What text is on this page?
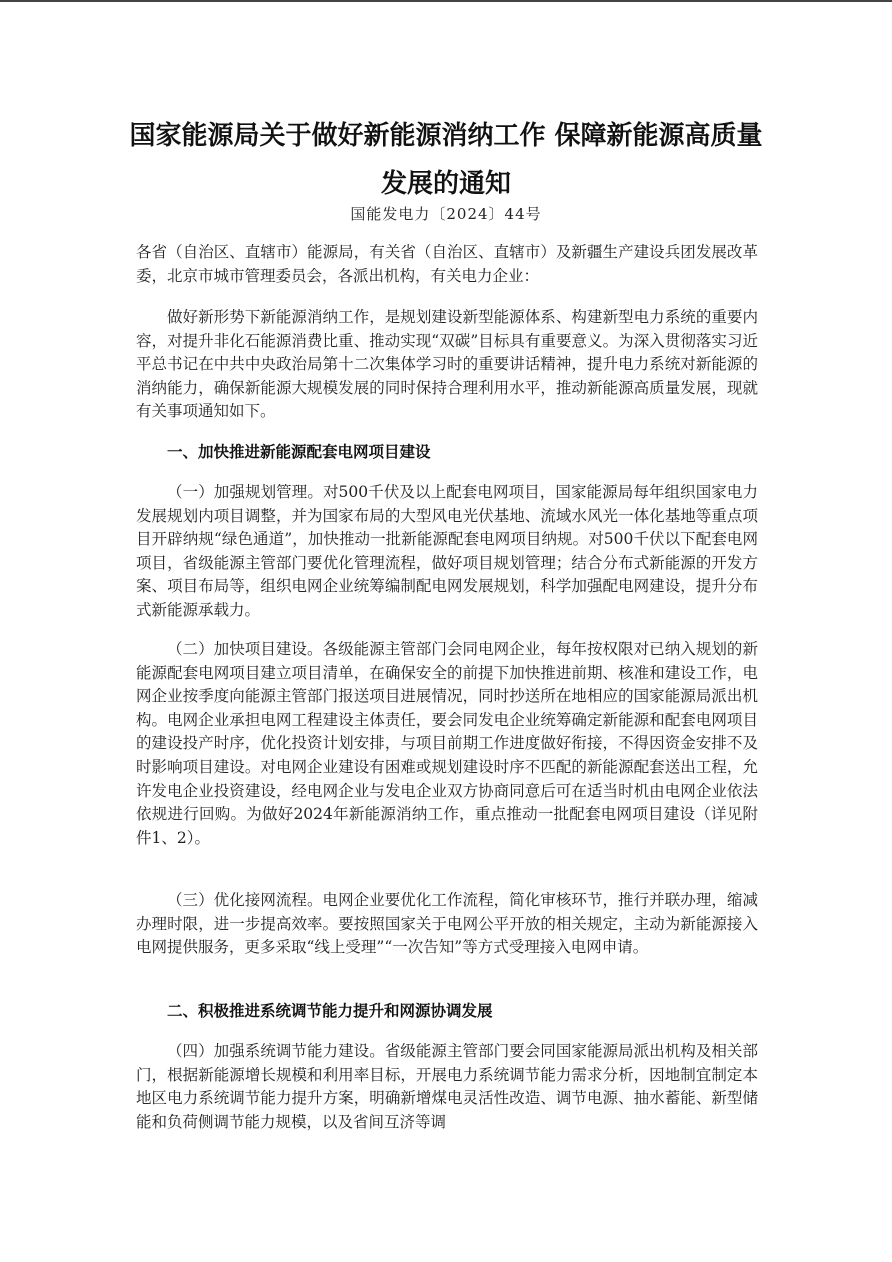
国家能源局关于做好新能源消纳工作 保障新能源高质量发展的通知
国能发电力〔2024〕44号

各省（自治区、直辖市）能源局，有关省（自治区、直辖市）及新疆生产建设兵团发展改革委，北京市城市管理委员会，各派出机构，有关电力企业：

做好新形势下新能源消纳工作，是规划建设新型能源体系、构建新型电力系统的重要内容，对提升非化石能源消费比重、推动实现“双碳”目标具有重要意义。为深入贯彻落实习近平总书记在中共中央政治局第十二次集体学习时的重要讲话精神，提升电力系统对新能源的消纳能力，确保新能源大规模发展的同时保持合理利用水平，推动新能源高质量发展，现就有关事项通知如下。

一、加快推进新能源配套电网项目建设

（一）加强规划管理。对500千伏及以上配套电网项目，国家能源局每年组织国家电力发展规划内项目调整，并为国家布局的大型风电光伏基地、流域水风光一体化基地等重点项目开辟纳规“绿色通道”，加快推动一批新能源配套电网项目纳规。对500千伏以下配套电网项目，省级能源主管部门要优化管理流程，做好项目规划管理；结合分布式新能源的开发方案、项目布局等，组织电网企业统筹编制配电网发展规划，科学加强配电网建设，提升分布式新能源承载力。

（二）加快项目建设。各级能源主管部门会同电网企业，每年按权限对已纳入规划的新能源配套电网项目建立项目清单，在确保安全的前提下加快推进前期、核准和建设工作，电网企业按季度向能源主管部门报送项目进展情况，同时抄送所在地相应的国家能源局派出机构。电网企业承担电网工程建设主体责任，要会同发电企业统筹确定新能源和配套电网项目的建设投产时序，优化投资计划安排，与项目前期工作进度做好衔接，不得因资金安排不及时影响项目建设。对电网企业建设有困难或规划建设时序不匹配的新能源配套送出工程，允许发电企业投资建设，经电网企业与发电企业双方协商同意后可在适当时机由电网企业依法依规进行回购。为做好2024年新能源消纳工作，重点推动一批配套电网项目建设（详见附件1、2）。

（三）优化接网流程。电网企业要优化工作流程，简化审核环节，推行并联办理，缩减办理时限，进一步提高效率。要按照国家关于电网公平开放的相关规定，主动为新能源接入电网提供服务，更多采取“线上受理”“一次告知”等方式受理接入电网申请。

二、积极推进系统调节能力提升和网源协调发展

（四）加强系统调节能力建设。省级能源主管部门要会同国家能源局派出机构及相关部门，根据新能源增长规模和利用率目标，开展电力系统调节能力需求分析，因地制宜制定本地区电力系统调节能力提升方案，明确新增煤电灵活性改造、调节电源、抽水蓄能、新型储能和负荷侧调节能力规模，以及省间互济等调
